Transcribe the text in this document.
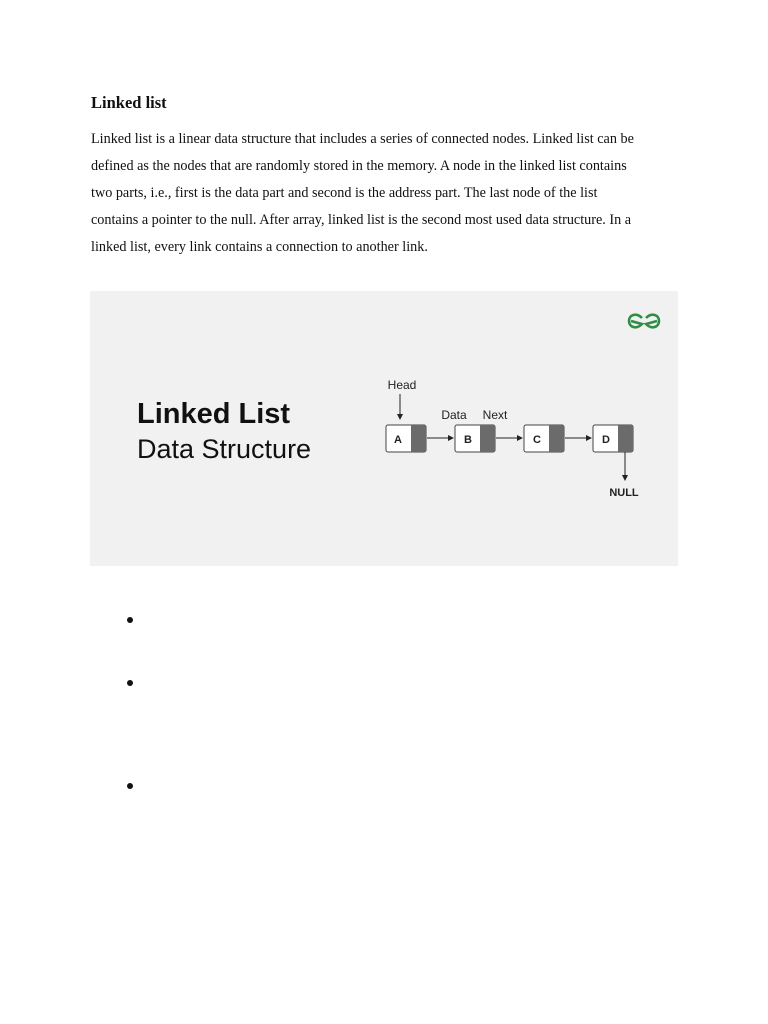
Linked list
Linked list is a linear data structure that includes a series of connected nodes. Linked list can be
defined as the nodes that are randomly stored in the memory. A node in the linked list contains
two parts, i.e., first is the data part and second is the address part. The last node of the list
contains a pointer to the null. After array, linked list is the second most used data structure. In a
linked list, every link contains a connection to another link.
Linked List
Data Structure
Head
Data Next
NULL
A	B	C	D
